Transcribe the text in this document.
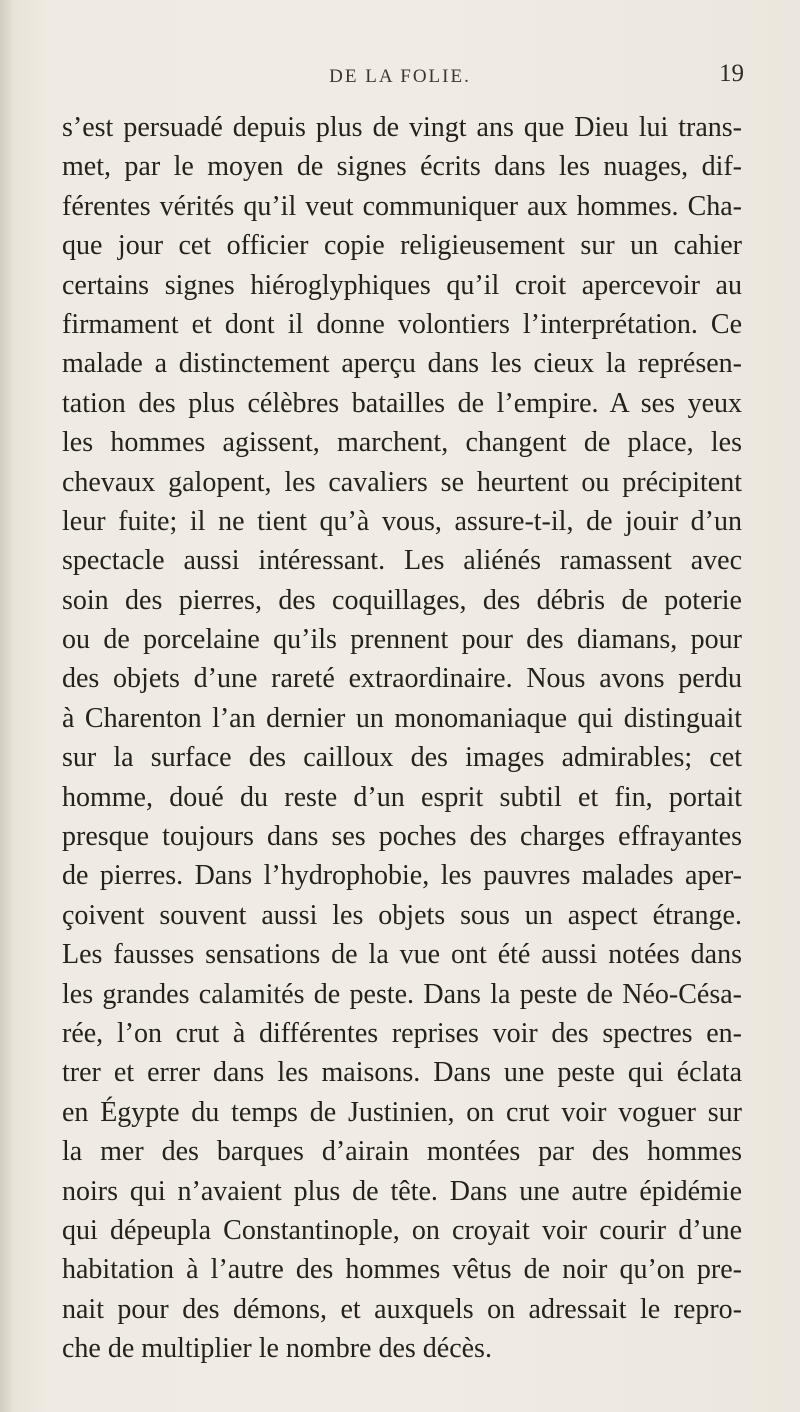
DE LA FOLIE.	19
s’est persuadé depuis plus de vingt ans que Dieu lui trans-
met, par le moyen de signes écrits dans les nuages, dif-
férentes vérités qu’il veut communiquer aux hommes. Cha-
que jour cet officier copie religieusement sur un cahier
certains signes hiéroglyphiques qu’il croit apercevoir au
firmament et dont il donne volontiers l’interprétation. Ce
malade a distinctement aperçu dans les cieux la représen-
tation des plus célèbres batailles de l’empire. A ses yeux
les hommes agissent, marchent, changent de place, les
chevaux galopent, les cavaliers se heurtent ou précipitent
leur fuite; il ne tient qu’à vous, assure-t-il, de jouir d’un
spectacle aussi intéressant. Les aliénés ramassent avec
soin des pierres, des coquillages, des débris de poterie
ou de porcelaine qu’ils prennent pour des diamans, pour
des objets d’une rareté extraordinaire. Nous avons perdu
à Charenton l’an dernier un monomaniaque qui distinguait
sur la surface des cailloux des images admirables; cet
homme, doué du reste d’un esprit subtil et fin, portait
presque toujours dans ses poches des charges effrayantes
de pierres. Dans l’hydrophobie, les pauvres malades aper-
çoivent souvent aussi les objets sous un aspect étrange.
Les fausses sensations de la vue ont été aussi notées dans
les grandes calamités de peste. Dans la peste de Néo-Césa-
rée, l’on crut à différentes reprises voir des spectres en-
trer et errer dans les maisons. Dans une peste qui éclata
en Égypte du temps de Justinien, on crut voir voguer sur
la mer des barques d’airain montées par des hommes
noirs qui n’avaient plus de tête. Dans une autre épidémie
qui dépeupla Constantinople, on croyait voir courir d’une
habitation à l’autre des hommes vêtus de noir qu’on pre-
nait pour des démons, et auxquels on adressait le repro-
che de multiplier le nombre des décès.
